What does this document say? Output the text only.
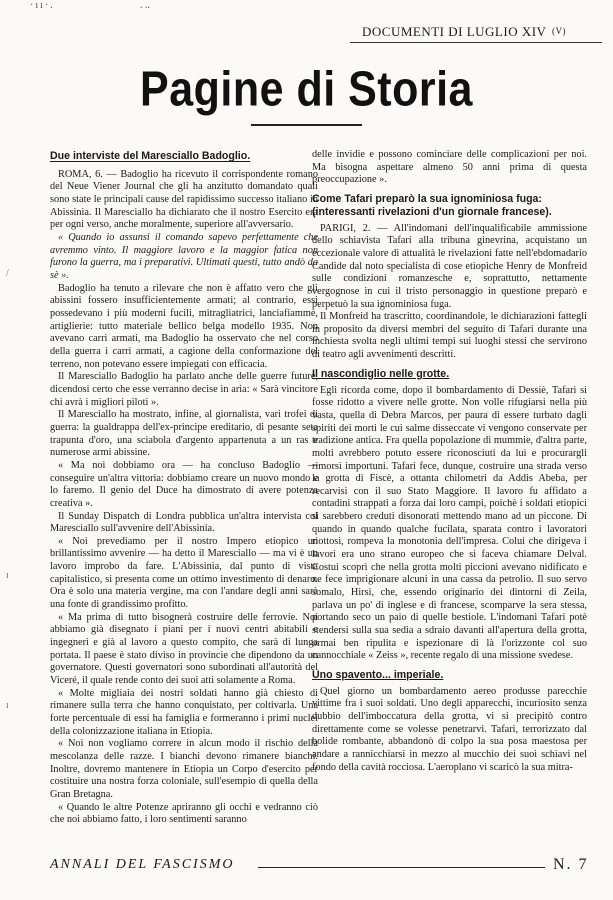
·ıı·.	. ..
DOCUMENTI DI LUGLIO XIV (V)
Pagine di Storia
/
ı
ı
Due interviste del Maresciallo Badoglio.

ROMA, 6. — Badoglio ha ricevuto il corrispondente romano del Neue Viener Journal che gli ha anzitutto domandato quali sono state le principali cause del rapidissimo successo italiano in Abissinia. Il Maresciallo ha dichiarato che il nostro Esercito era per ogni verso, anche moralmente, superiore all'avversario.

« Quando io assunsi il comando sapevo perfettamente che avremmo vinto. Il maggiore lavoro e la maggior fatica non furono la guerra, ma i preparativi. Ultimati questi, tutto andò da sè ».

Badoglio ha tenuto a rilevare che non è affatto vero che gli abissini fossero insufficientemente armati; al contrario, essi possedevano i più moderni fucili, mitragliatrici, lanciafiamme, artiglierie: tutto materiale bellico belga modello 1935. Non avevano carri armati, ma Badoglio ha osservato che nel corso della guerra i carri armati, a cagione della conformazione del terreno, non potevano essere impiegati con efficacia.

Il Maresciallo Badoglio ha parlato anche delle guerre future, dicendosi certo che esse verranno decise in aria: « Sarà vincitore chi avrà i migliori piloti ».

Il Maresciallo ha mostrato, infine, al giornalista, vari trofei di guerra: la gualdrappa dell'ex-principe ereditario, di pesante seta trapunta d'oro, una sciabola d'argento appartenuta a un ras e numerose armi abissine.

« Ma noi dobbiamo ora — ha concluso Badoglio — conseguire un'altra vittoria: dobbiamo creare un nuovo mondo e lo faremo. Il genio del Duce ha dimostrato di avere potenza creativa ».

Il Sunday Dispatch di Londra pubblica un'altra intervista col Maresciallo sull'avvenire dell'Abissinia.

« Noi prevediamo per il nostro Impero etiopico un brillantissimo avvenire — ha detto il Maresciallo — ma vi è un lavoro improbo da fare. L'Abissinia, dal punto di vista capitalistico, si presenta come un ottimo investimento di denaro. Ora è solo una materia vergine, ma con l'andare degli anni sarà una fonte di grandissimo profitto.

« Ma prima di tutto bisognerà costruire delle ferrovie. Noi abbiamo già disegnato i piani per i nuovi centri abitabili e ingegneri e già al lavoro a questo compito, che sarà di lunga portata. Il paese è stato diviso in provincie che dipendono da un governatore. Questi governatori sono subordinati all'autorità del Viceré, il quale rende conto dei suoi atti solamente a Roma.

« Molte migliaia dei nostri soldati hanno già chiesto di rimanere sulla terra che hanno conquistato, per coltivarla. Una forte percentuale di essi ha famiglia e formeranno i primi nuclei della colonizzazione italiana in Etiopia.

« Noi non vogliamo correre in alcun modo il rischio della mescolanza delle razze. I bianchi devono rimanere bianchi. Inoltre, dovremo mantenere in Etiopia un Corpo d'esercito per costituire una nostra forza coloniale, sull'esempio di quella della Gran Bretagna.

« Quando le altre Potenze apriranno gli occhi e vedranno ciò che noi abbiamo fatto, i loro sentimenti saranno

delle invidie e possono cominciare delle complicazioni per noi. Ma bisogna aspettare almeno 50 anni prima di questa preoccupazione ».

Come Tafari preparò la sua ignominiosa fuga: (interessanti rivelazioni d'un giornale francese).

PARIGI, 2. — All'indomani dell'inqualificabile ammissione dello schiavista Tafari alla tribuna ginevrina, acquistano un eccezionale valore di attualità le rivelazioni fatte nell'ebdomadario Candide dal noto specialista di cose etiopiche Henry de Monfreid sulle condizioni romanzesche e, soprattutto, nettamente vergognose in cui il tristo personaggio in questione preparò e perpetuò la sua ignominiosa fuga.

Il Monfreid ha trascritto, coordinandole, le dichiarazioni fattegli in proposito da diversi membri del seguito di Tafari durante una inchiesta svolta negli ultimi tempi sui luoghi stessi che servirono di teatro agli avvenimenti descritti.

Il nascondiglio nelle grotte.

Egli ricorda come, dopo il bombardamento di Dessiè, Tafari si fosse ridotto a vivere nelle grotte. Non volle rifugiarsi nella più vasta, quella di Debra Marcos, per paura di essere turbato dagli spiriti dei morti le cui salme disseccate vi vengono conservate per tradizione antica. Fra quella popolazione di mummie, d'altra parte, molti avrebbero potuto essere riconosciuti da lui e procurargli rimorsi importuni. Tafari fece, dunque, costruire una strada verso la grotta di Fiscè, a ottanta chilometri da Addis Abeba, per recarvisi con il suo Stato Maggiore. Il lavoro fu affidato a contadini strappati a forza dai loro campi, poichè i soldati etiopici si sarebbero creduti disonorati mettendo mano ad un piccone. Di quando in quando qualche fucilata, sparata contro i lavoratori riottosi, rompeva la monotonia dell'impresa. Colui che dirigeva i lavori era uno strano europeo che si faceva chiamare Delval. Costui scoprì che nella grotta molti piccioni avevano nidificato e ne fece imprigionare alcuni in una cassa da petrolio. Il suo servo somalo, Hirsi, che, essendo originario dei dintorni di Zeila, parlava un po' di inglese e di francese, scomparve la sera stessa, portando seco un paio di quelle bestiole. L'indomani Tafari potè stendersi sulla sua sedia a sdraio davanti all'apertura della grotta, ormai ben ripulita e ispezionare di là l'orizzonte col suo cannocchiale « Zeiss », recente regalo di una missione svedese.

Uno spavento... imperiale.

Quel giorno un bombardamento aereo produsse parecchie vittime fra i suoi soldati. Uno degli apparecchi, incuriosito senza dubbio dell'imboccatura della grotta, vi si precipitò contro direttamente come se volesse penetrarvi. Tafari, terrorizzato dal bolide rombante, abbandonò di colpo la sua posa maestosa per andare a rannicchiarsi in mezzo al mucchio dei suoi schiavi nel fondo della cavità rocciosa. L'aeroplano vi scaricò la sua mitra-

ANNALI DEL FASCISMO	N. 7
